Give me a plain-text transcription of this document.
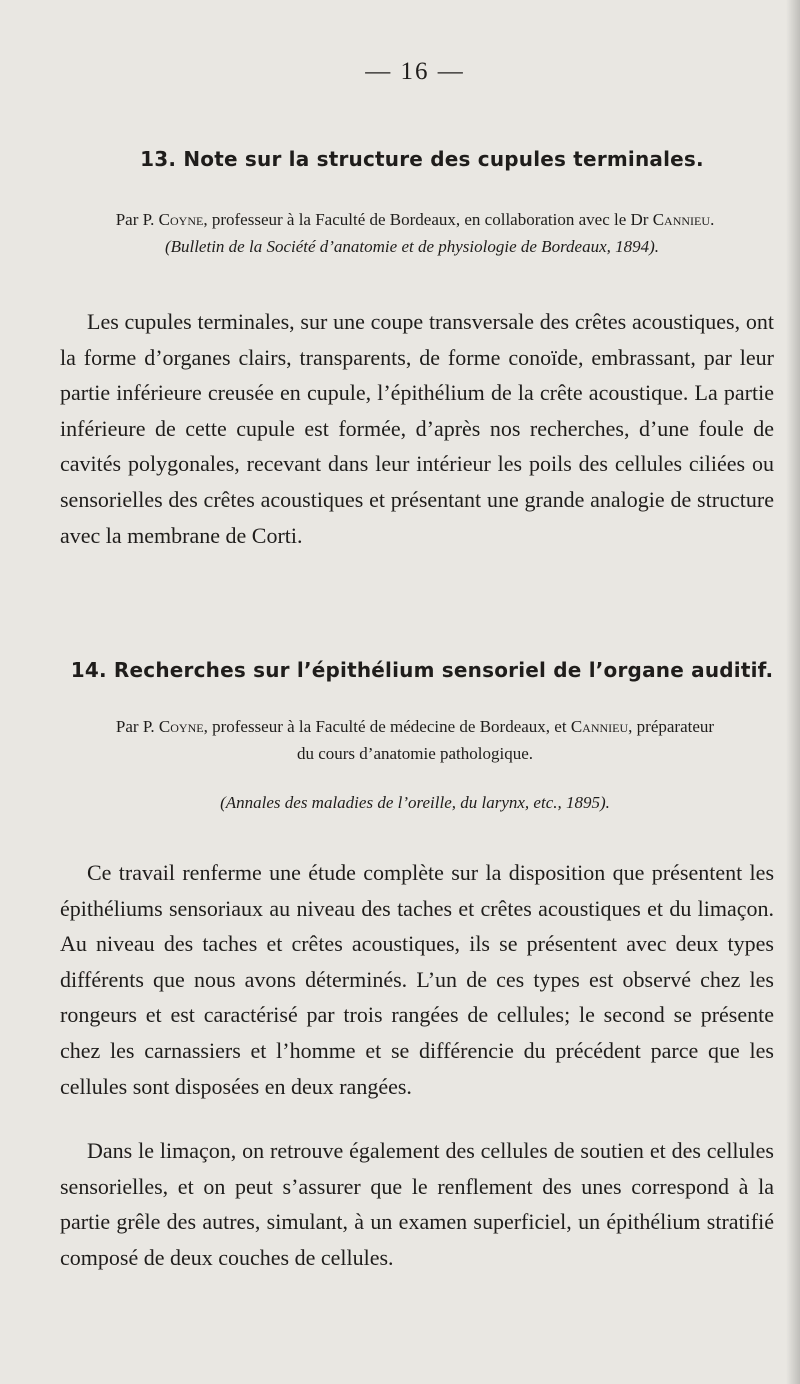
— 16 —
13. Note sur la structure des cupules terminales.
Par P. Coyne, professeur à la Faculté de Bordeaux, en collaboration avec le Dr Cannieu.
(Bulletin de la Société d’anatomie et de physiologie de Bordeaux, 1894).
Les cupules terminales, sur une coupe transversale des crêtes acoustiques, ont la forme d’organes clairs, transparents, de forme conoïde, embrassant, par leur partie inférieure creusée en cupule, l’épithélium de la crête acoustique. La partie inférieure de cette cupule est formée, d’après nos recherches, d’une foule de cavités polygonales, recevant dans leur intérieur les poils des cellules ciliées ou sensorielles des crêtes acoustiques et présentant une grande analogie de structure avec la membrane de Corti.
14. Recherches sur l’épithélium sensoriel de l’organe auditif.
Par P. Coyne, professeur à la Faculté de médecine de Bordeaux, et Cannieu, préparateur
du cours d’anatomie pathologique.
(Annales des maladies de l’oreille, du larynx, etc., 1895).
Ce travail renferme une étude complète sur la disposition que présentent les épithéliums sensoriaux au niveau des taches et crêtes acoustiques et du limaçon. Au niveau des taches et crêtes acoustiques, ils se présentent avec deux types différents que nous avons déterminés. L’un de ces types est observé chez les rongeurs et est caractérisé par trois rangées de cellules; le second se présente chez les carnassiers et l’homme et se différencie du précédent parce que les cellules sont disposées en deux rangées.
Dans le limaçon, on retrouve également des cellules de soutien et des cellules sensorielles, et on peut s’assurer que le renflement des unes correspond à la partie grêle des autres, simulant, à un examen superficiel, un épithélium stratifié composé de deux couches de cellules.
